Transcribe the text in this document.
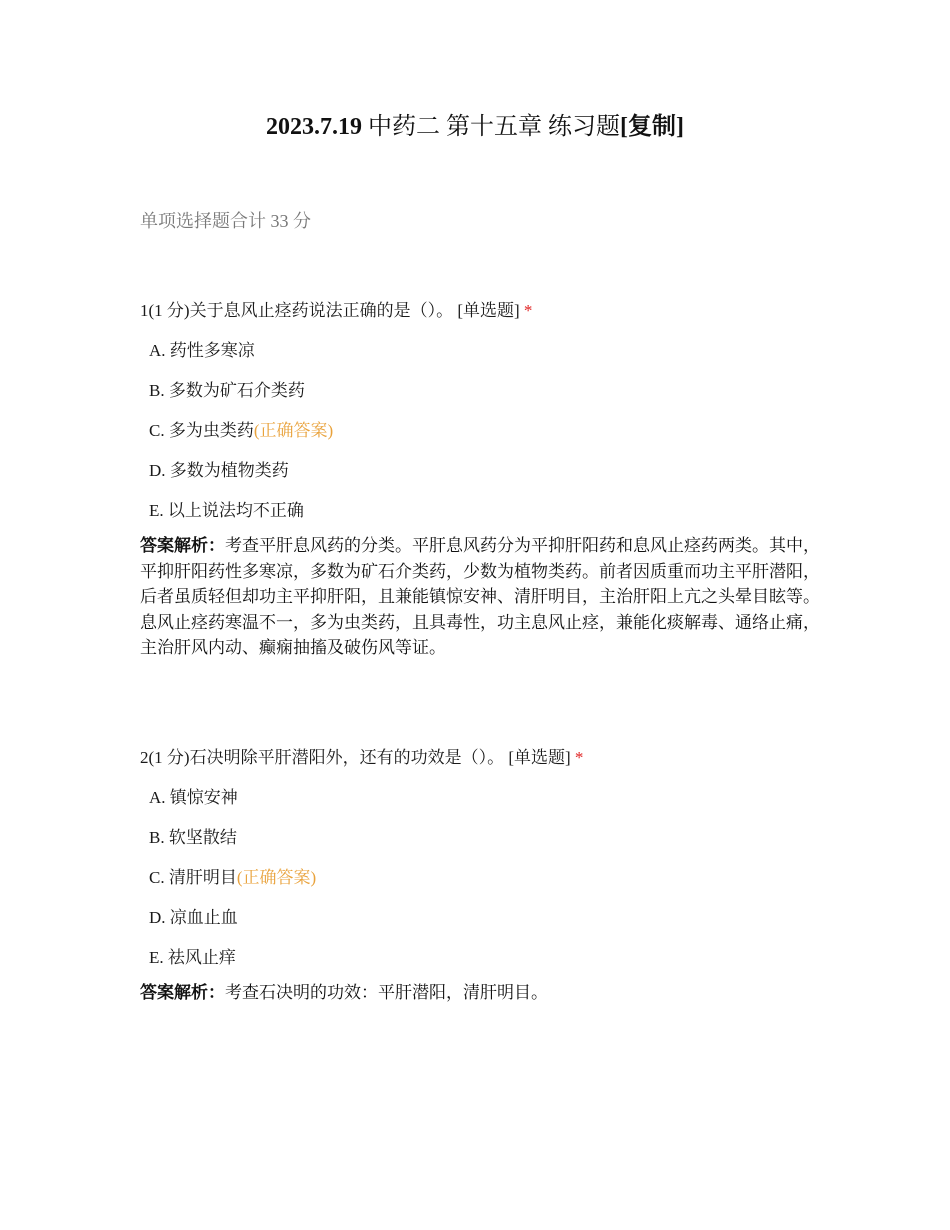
2023.7.19 中药二 第十五章 练习题[复制]
单项选择题合计 33 分
1(1 分)关于息风止痉药说法正确的是（）。 [单选题] *
A. 药性多寒凉
B. 多数为矿石介类药
C. 多为虫类药(正确答案)
D. 多数为植物类药
E. 以上说法均不正确
答案解析：考查平肝息风药的分类。平肝息风药分为平抑肝阳药和息风止痉药两类。其中，平抑肝阳药性多寒凉，多数为矿石介类药，少数为植物类药。前者因质重而功主平肝潜阳，后者虽质轻但却功主平抑肝阳，且兼能镇惊安神、清肝明目，主治肝阳上亢之头晕目眩等。息风止痉药寒温不一，多为虫类药，且具毒性，功主息风止痉，兼能化痰解毒、通络止痛，主治肝风内动、癫痫抽搐及破伤风等证。
2(1 分)石决明除平肝潜阳外，还有的功效是（）。 [单选题] *
A. 镇惊安神
B. 软坚散结
C. 清肝明目(正确答案)
D. 凉血止血
E. 祛风止痒
答案解析：考查石决明的功效：平肝潜阳，清肝明目。
